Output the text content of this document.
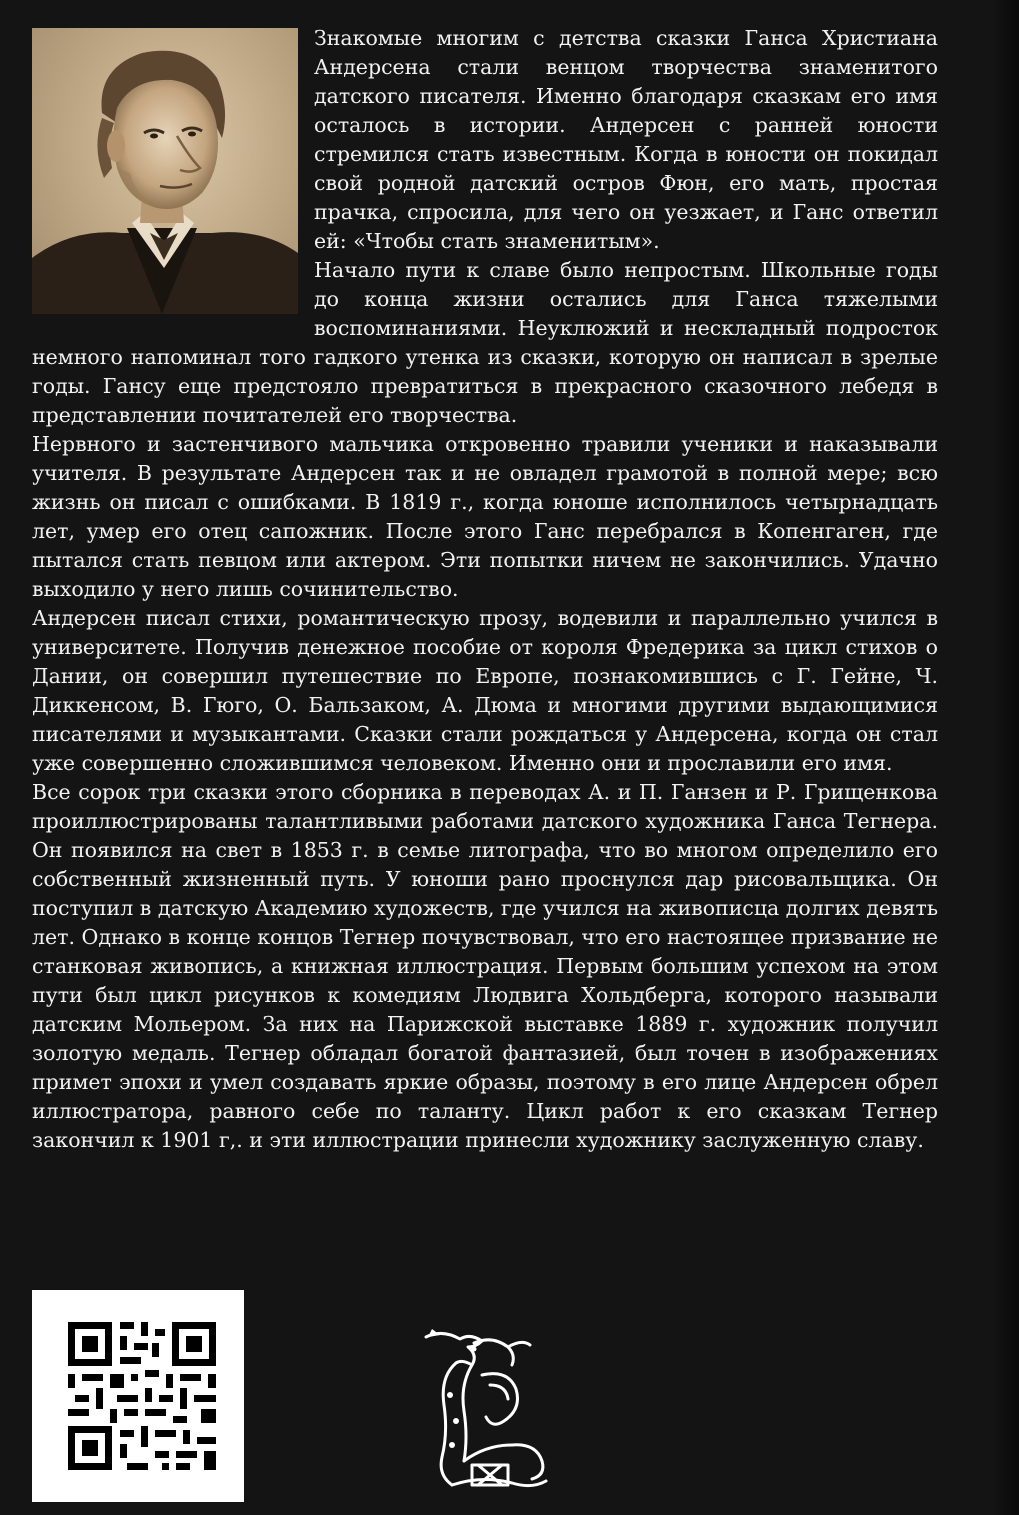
Знакомые многим с детства сказки Ганса Христиана Андерсена стали венцом творчества знаменитого датского писателя. Именно благодаря сказкам его имя осталось в истории. Андерсен с ранней юности стремился стать известным. Когда в юности он покидал свой родной датский остров Фюн, его мать, простая прачка, спросила, для чего он уезжает, и Ганс ответил ей: «Чтобы стать знаменитым».

Начало пути к славе было непростым. Школьные годы до конца жизни остались для Ганса тяжелыми воспоминаниями. Неуклюжий и нескладный подросток немного напоминал того гадкого утенка из сказки, которую он написал в зрелые годы. Гансу еще предстояло превратиться в прекрасного сказочного лебедя в представлении почитателей его творчества.

Нервного и застенчивого мальчика откровенно травили ученики и наказывали учителя. В результате Андерсен так и не овладел грамотой в полной мере; всю жизнь он писал с ошибками. В 1819 г., когда юноше исполнилось четырнадцать лет, умер его отец сапожник. После этого Ганс перебрался в Копенгаген, где пытался стать певцом или актером. Эти попытки ничем не закончились. Удачно выходило у него лишь сочинительство.

Андерсен писал стихи, романтическую прозу, водевили и параллельно учился в университете. Получив денежное пособие от короля Фредерика за цикл стихов о Дании, он совершил путешествие по Европе, познакомившись с Г. Гейне, Ч. Диккенсом, В. Гюго, О. Бальзаком, А. Дюма и многими другими выдающимися писателями и музыкантами. Сказки стали рождаться у Андерсена, когда он стал уже совершенно сложившимся человеком. Именно они и прославили его имя.

Все сорок три сказки этого сборника в переводах А. и П. Ганзен и Р. Грищенкова проиллюстрированы талантливыми работами датского художника Ганса Тегнера. Он появился на свет в 1853 г. в семье литографа, что во многом определило его собственный жизненный путь. У юноши рано проснулся дар рисовальщика. Он поступил в датскую Академию художеств, где учился на живописца долгих девять лет. Однако в конце концов Тегнер почувствовал, что его настоящее призвание не станковая живопись, а книжная иллюстрация. Первым большим успехом на этом пути был цикл рисунков к комедиям Людвига Хольдберга, которого называли датским Мольером. За них на Парижской выставке 1889 г. художник получил золотую медаль. Тегнер обладал богатой фантазией, был точен в изображениях примет эпохи и умел создавать яркие образы, поэтому в его лице Андерсен обрел иллюстратора, равного себе по таланту. Цикл работ к его сказкам Тегнер закончил к 1901 г,. и эти иллюстрации принесли художнику заслуженную славу.
